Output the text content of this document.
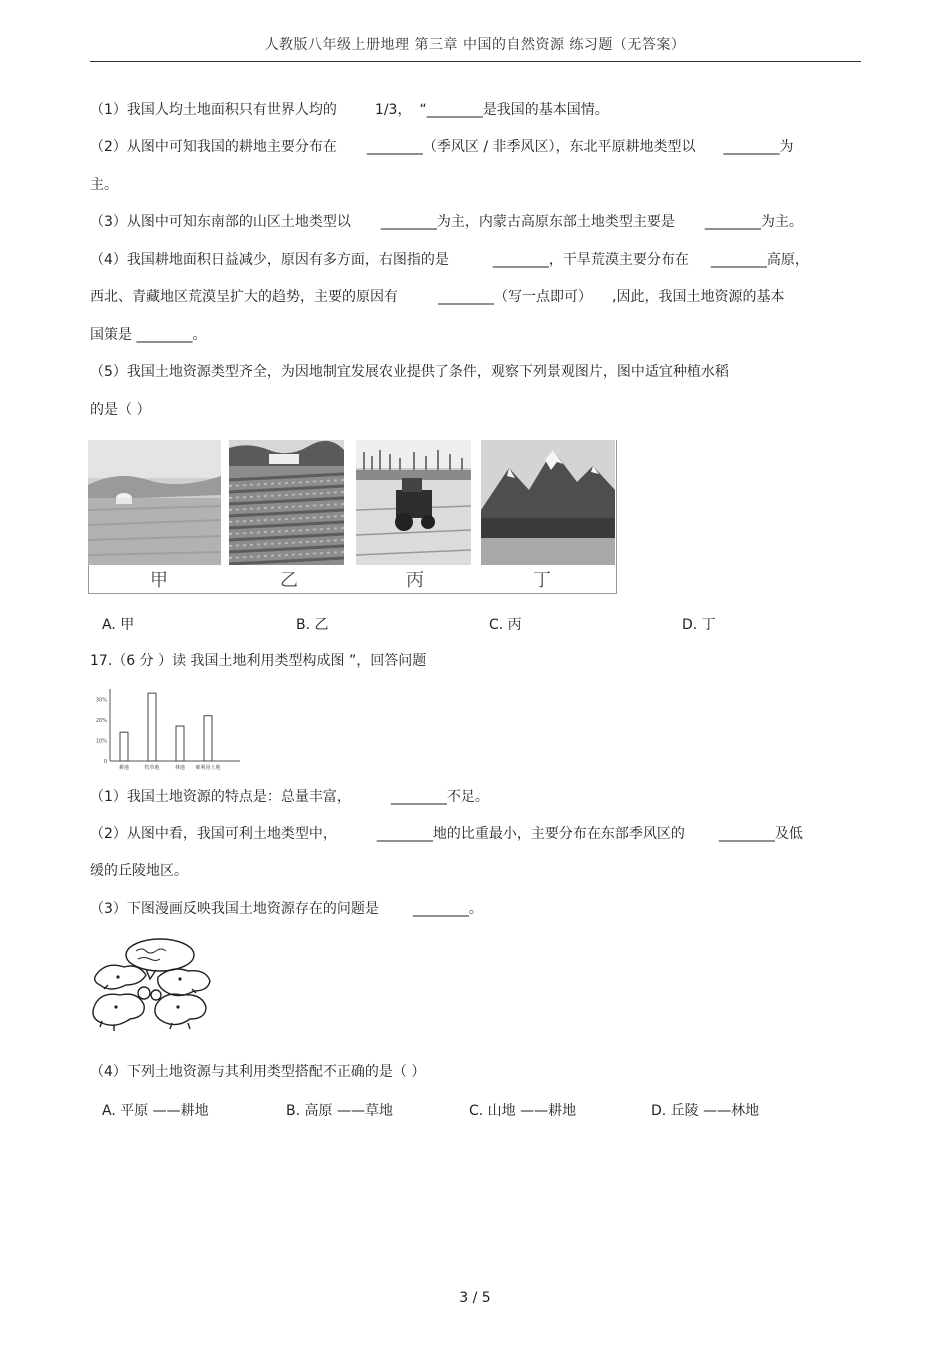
人教版八年级上册地理 第三章 中国的自然资源 练习题（无答案）
（1）我国人均土地面积只有世界人均的	1/3， “________是我国的基本国情。
（2）从图中可知我国的耕地主要分布在 ________（季风区 / 非季风区），东北平原耕地类型以 ________为
主。
（3）从图中可知东南部的山区土地类型以 ________为主，内蒙古高原东部土地类型主要是 ________为主。
（4）我国耕地面积日益减少，原因有多方面，右图指的是	________，干旱荒漠主要分布在 ________高原，
西北、青藏地区荒漠呈扩大的趋势，主要的原因有	________（写一点即可） ,因此，我国土地资源的基本
国策是 ________。
（5）我国土地资源类型齐全，为因地制宜发展农业提供了条件，观察下列景观图片，图中适宜种植水稻
的是（ ）
甲	乙	丙	丁
A. 甲	B. 乙	C. 丙	D. 丁
17.（6 分 ）读 我国土地利用类型构成图 ”，回答问题
0
10%
20%
30%
耕地	牧草地	林地 难利用土地
（1）我国土地资源的特点是：总量丰富，	________不足。
（2）从图中看，我国可利土地类型中，	________地的比重最小，主要分布在东部季风区的 ________及低
缓的丘陵地区。
（3）下图漫画反映我国土地资源存在的问题是 ________。
（4）下列土地资源与其利用类型搭配不正确的是（ ）
A. 平原 ——耕地	B. 高原 ——草地	C. 山地 ——耕地	D. 丘陵 ——林地
3 / 5
